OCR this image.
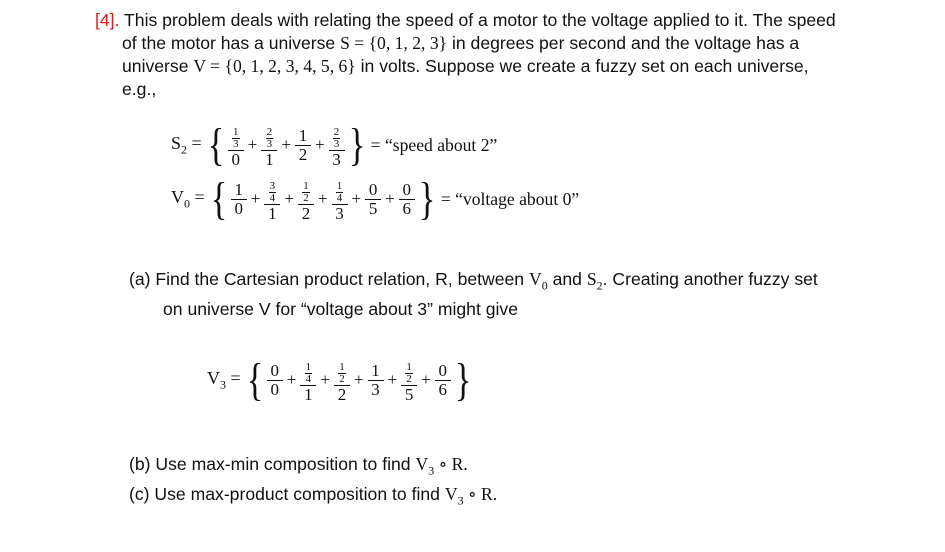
[4]. This problem deals with relating the speed of a motor to the voltage applied to it. The speed
of the motor has a universe S = {0, 1, 2, 3} in degrees per second and the voltage has a
universe V = {0, 1, 2, 3, 4, 5, 6} in volts. Suppose we create a fuzzy set on each universe,
e.g.,
$S_2$ = { $\frac{\frac{1}{3}}{0} + \frac{\frac{2}{3}}{1} + \frac{1}{2} + \frac{\frac{2}{3}}{3}$ } = “speed about 2”
$V_0$ = { $\frac{1}{0} + \frac{\frac{3}{4}}{1} + \frac{\frac{1}{2}}{2} + \frac{\frac{1}{4}}{3} + \frac{0}{5} + \frac{0}{6}$ } = “voltage about 0”
(a) Find the Cartesian product relation, R, between $V_0$ and $S_2$. Creating another fuzzy set
on universe V for “voltage about 3” might give
$V_3$ = { $\frac{0}{0} + \frac{\frac{1}{4}}{1} + \frac{\frac{1}{2}}{2} + \frac{1}{3} + \frac{\frac{1}{2}}{5} + \frac{0}{6}$ }
(b) Use max-min composition to find $V_3$ ∘ R.
(c) Use max-product composition to find $V_3$ ∘ R.
